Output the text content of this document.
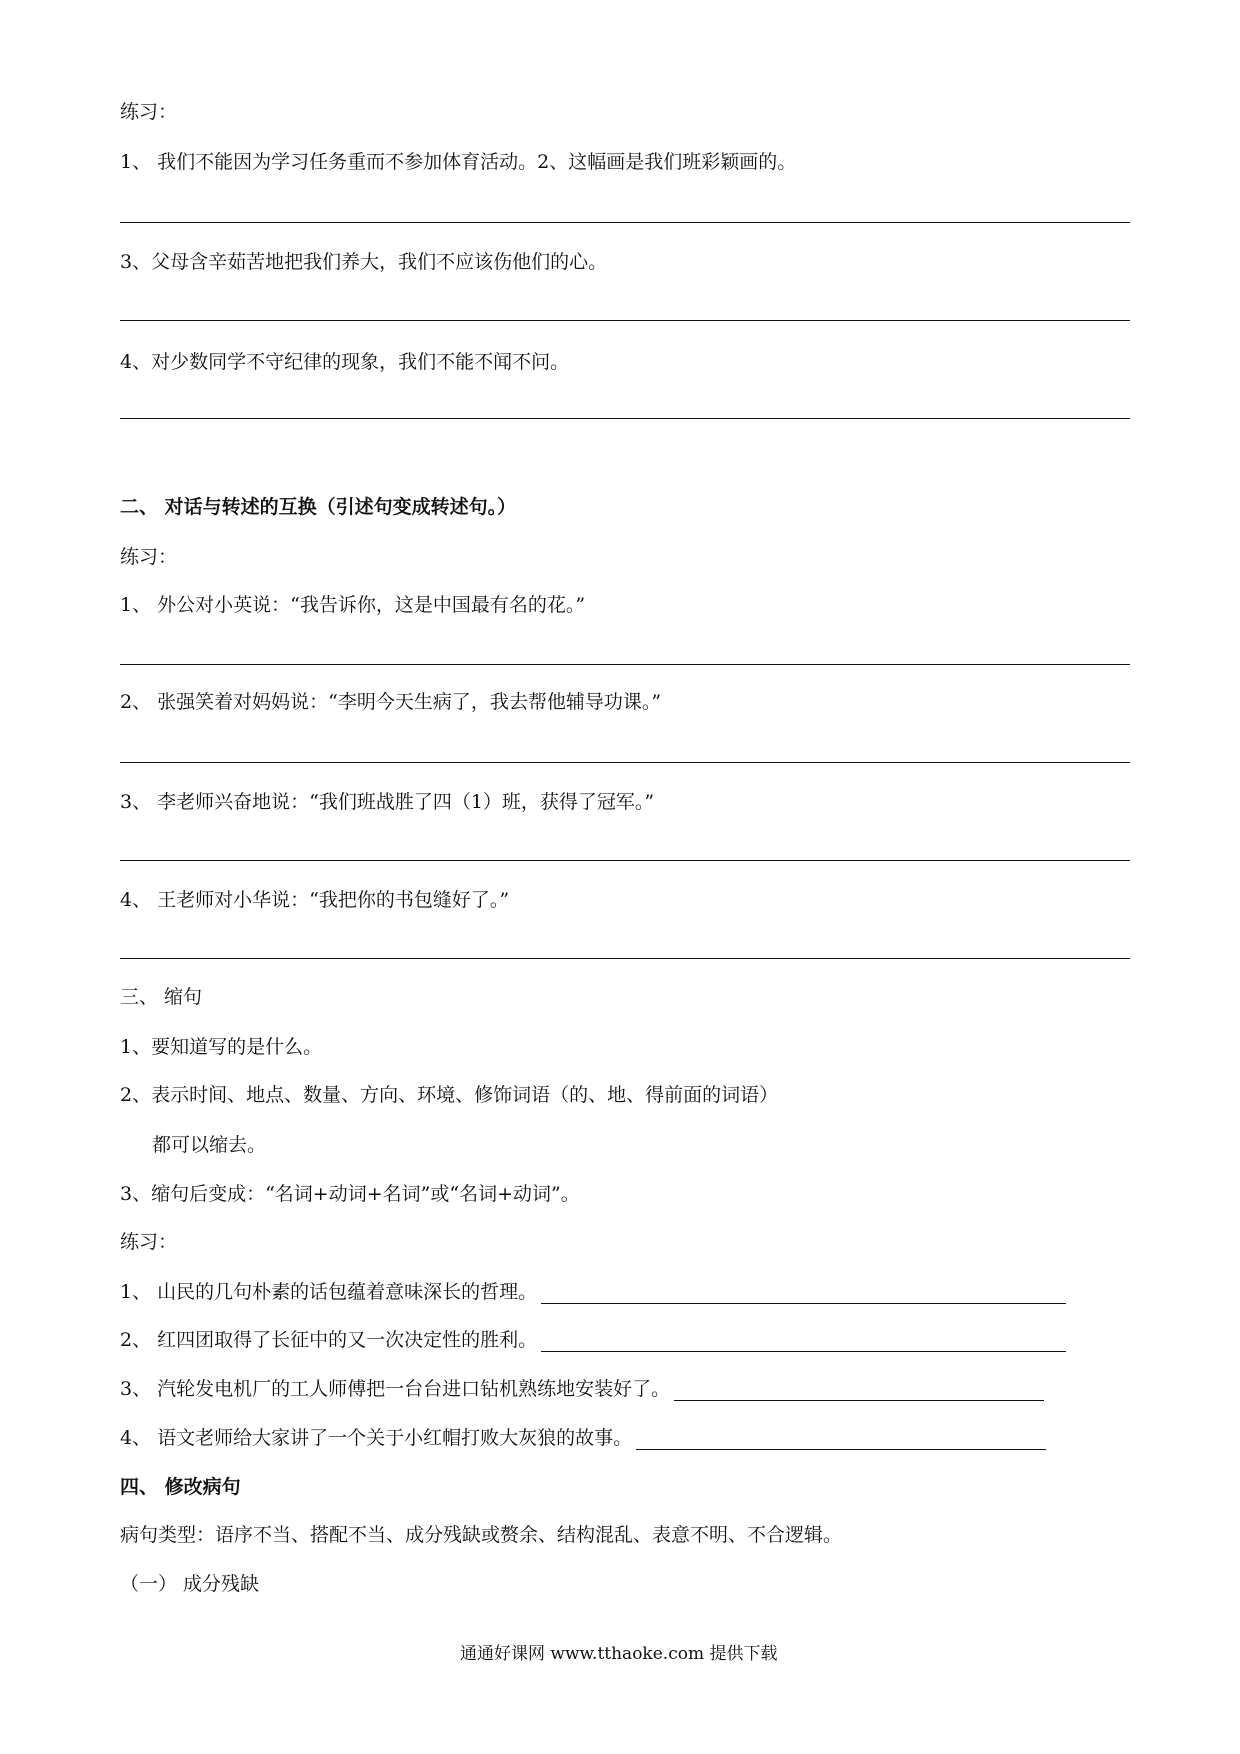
练习：

1、 我们不能因为学习任务重而不参加体育活动。2、这幅画是我们班彩颖画的。

3、父母含辛茹苦地把我们养大，我们不应该伤他们的心。

4、对少数同学不守纪律的现象，我们不能不闻不问。

二、 对话与转述的互换（引述句变成转述句。）

练习：

1、 外公对小英说：“我告诉你，这是中国最有名的花。”

2、 张强笑着对妈妈说：“李明今天生病了，我去帮他辅导功课。”

3、 李老师兴奋地说：“我们班战胜了四（1）班，获得了冠军。”

4、 王老师对小华说：“我把你的书包缝好了。”

三、 缩句

1、要知道写的是什么。

2、表示时间、地点、数量、方向、环境、修饰词语（的、地、得前面的词语）

都可以缩去。

3、缩句后变成：“名词+动词+名词”或“名词+动词”。

练习：

1、 山民的几句朴素的话包蕴着意味深长的哲理。

2、 红四团取得了长征中的又一次决定性的胜利。

3、 汽轮发电机厂的工人师傅把一台台进口钻机熟练地安装好了。

4、 语文老师给大家讲了一个关于小红帽打败大灰狼的故事。

四、 修改病句

病句类型：语序不当、搭配不当、成分残缺或赘余、结构混乱、表意不明、不合逻辑。

（一） 成分残缺

通通好课网 www.tthaoke.com 提供下载
